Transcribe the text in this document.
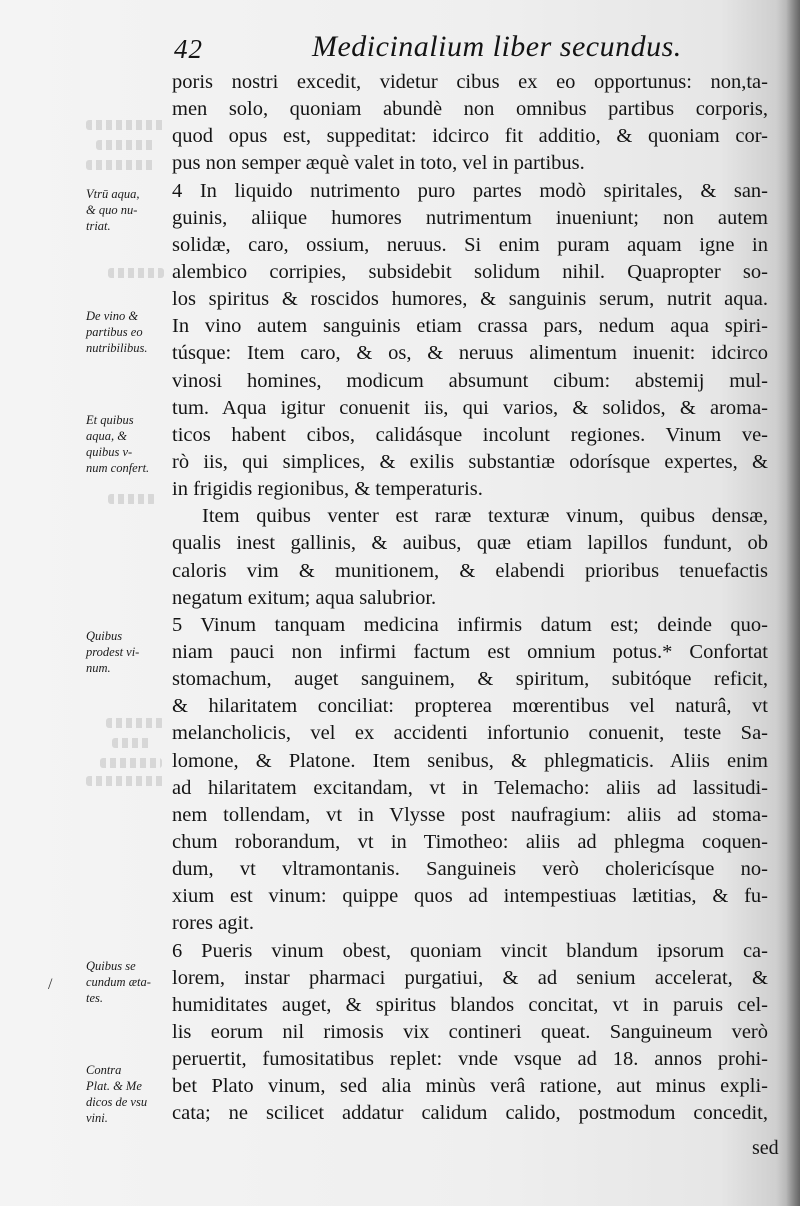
42	Medicinalium liber secundus.
Vtrū aqua,
& quo nu-
triat.
De vino &
partibus eo
nutribilibus.
Et quibus
aqua, &
quibus v-
num confert.
Quibus
prodest vi-
num.
Quibus se
cundum æta-
tes.
Contra
Plat. & Me
dicos de vsu
vini.
/
poris nostri excedit, videtur cibus ex eo opportunus: non,ta-
men solo, quoniam abundè non omnibus partibus corporis,
quod opus est, suppeditat: idcirco fit additio, & quoniam cor-
pus non semper æquè valet in toto, vel in partibus.
4 In liquido nutrimento puro partes modò spiritales, & san-
guinis, aliique humores nutrimentum inueniunt; non autem
solidæ, caro, ossium, neruus. Si enim puram aquam igne in
alembico corripies, subsidebit solidum nihil. Quapropter so-
los spiritus & roscidos humores, & sanguinis serum, nutrit aqua.
In vino autem sanguinis etiam crassa pars, nedum aqua spiri-
túsque: Item caro, & os, & neruus alimentum inuenit: idcirco
vinosi homines, modicum absumunt cibum: abstemij mul-
tum. Aqua igitur conuenit iis, qui varios, & solidos, & aroma-
ticos habent cibos, calidásque incolunt regiones. Vinum ve-
rò iis, qui simplices, & exilis substantiæ odorísque expertes, &
in frigidis regionibus, & temperaturis.
Item quibus venter est raræ texturæ vinum, quibus densæ,
qualis inest gallinis, & auibus, quæ etiam lapillos fundunt, ob
caloris vim & munitionem, & elabendi prioribus tenuefactis
negatum exitum; aqua salubrior.
5 Vinum tanquam medicina infirmis datum est; deinde quo-
niam pauci non infirmi factum est omnium potus.* Confortat
stomachum, auget sanguinem, & spiritum, subitóque reficit,
& hilaritatem conciliat: propterea mœrentibus vel naturâ, vt
melancholicis, vel ex accidenti infortunio conuenit, teste Sa-
lomone, & Platone. Item senibus, & phlegmaticis. Aliis enim
ad hilaritatem excitandam, vt in Telemacho: aliis ad lassitudi-
nem tollendam, vt in Vlysse post naufragium: aliis ad stoma-
chum roborandum, vt in Timotheo: aliis ad phlegma coquen-
dum, vt vltramontanis. Sanguineis verò cholericísque no-
xium est vinum: quippe quos ad intempestiuas lætitias, & fu-
rores agit.
6 Pueris vinum obest, quoniam vincit blandum ipsorum ca-
lorem, instar pharmaci purgatiui, & ad senium accelerat, &
humiditates auget, & spiritus blandos concitat, vt in paruis cel-
lis eorum nil rimosis vix contineri queat. Sanguineum verò
peruertit, fumositatibus replet: vnde vsque ad 18. annos prohi-
bet Plato vinum, sed alia minùs verâ ratione, aut minus expli-
cata; ne scilicet addatur calidum calido, postmodum concedit,
sed
